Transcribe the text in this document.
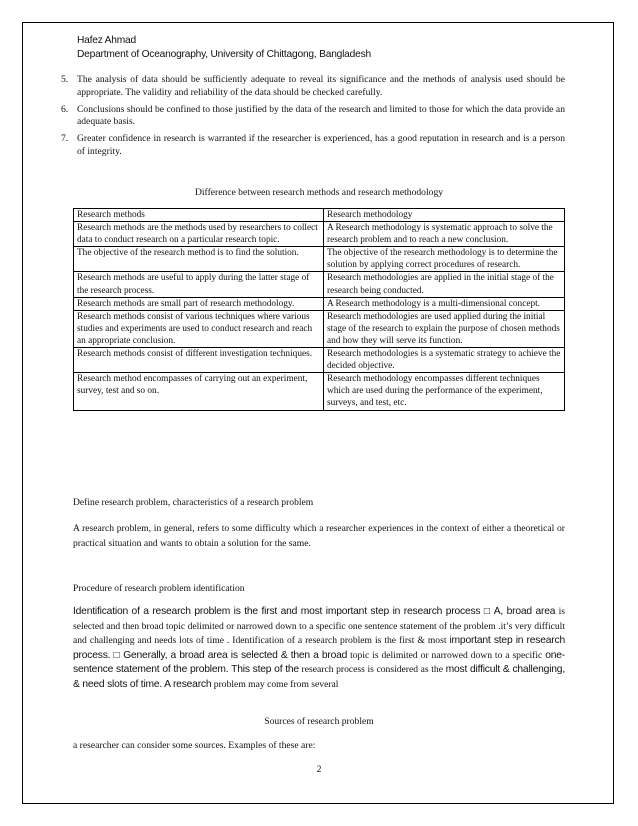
Hafez Ahmad
Department of Oceanography, University of Chittagong, Bangladesh
5. The analysis of data should be sufficiently adequate to reveal its significance and the methods of analysis used should be appropriate. The validity and reliability of the data should be checked carefully.
6. Conclusions should be confined to those justified by the data of the research and limited to those for which the data provide an adequate basis.
7. Greater confidence in research is warranted if the researcher is experienced, has a good reputation in research and is a person of integrity.
Difference between research methods and research methodology
Research methods	Research methodology
Research methods are the methods used by researchers to collect data to conduct research on a particular research topic.	A Research methodology is systematic approach to solve the research problem and to reach a new conclusion.
The objective of the research method is to find the solution.	The objective of the research methodology is to determine the solution by applying correct procedures of research.
Research methods are useful to apply during the latter stage of the research process.	Research methodologies are applied in the initial stage of the research being conducted.
Research methods are small part of research methodology.	A Research methodology is a multi-dimensional concept.
Research methods consist of various techniques where various studies and experiments are used to conduct research and reach an appropriate conclusion.	Research methodologies are used applied during the initial stage of the research to explain the purpose of chosen methods and how they will serve its function.
Research methods consist of different investigation techniques.	Research methodologies is a systematic strategy to achieve the decided objective.
Research method encompasses of carrying out an experiment, survey, test and so on.	Research methodology encompasses different techniques which are used during the performance of the experiment, surveys, and test, etc.
Define research problem, characteristics of a research problem
A research problem, in general, refers to some difficulty which a researcher experiences in the context of either a theoretical or practical situation and wants to obtain a solution for the same.
Procedure of research problem identification
Identification of a research problem is the first and most important step in research process □ A, broad area is selected and then broad topic delimited or narrowed down to a specific one sentence statement of the problem .it’s very difficult and challenging and needs lots of time . Identification of a research problem is the first & most important step in research process. □ Generally, a broad area is selected & then a broad topic is delimited or narrowed down to a specific one-sentence statement of the problem. This step of the research process is considered as the most difficult & challenging, & need slots of time. A research problem may come from several
Sources of research problem
a researcher can consider some sources. Examples of these are:
2
